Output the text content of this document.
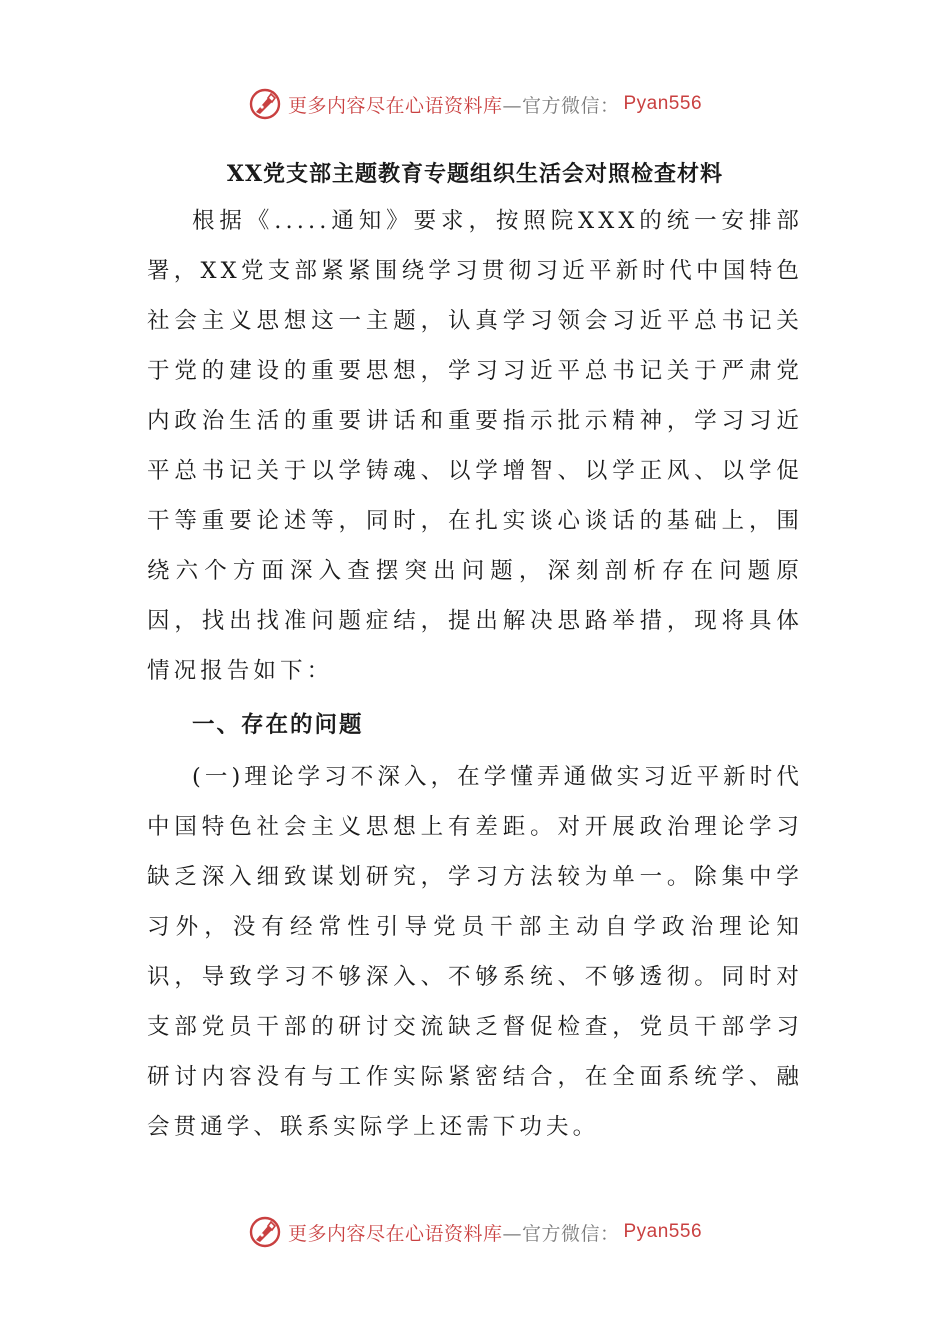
更多内容尽在心语资料库 —官方微信： Pyan556
XX党支部主题教育专题组织生活会对照检查材料

根据《.....通知》要求，按照院XXX的统一安排部署，XX党支部紧紧围绕学习贯彻习近平新时代中国特色社会主义思想这一主题，认真学习领会习近平总书记关于党的建设的重要思想，学习习近平总书记关于严肃党内政治生活的重要讲话和重要指示批示精神，学习习近平总书记关于以学铸魂、以学增智、以学正风、以学促干等重要论述等，同时，在扎实谈心谈话的基础上，围绕六个方面深入查摆突出问题，深刻剖析存在问题原因，找出找准问题症结，提出解决思路举措，现将具体情况报告如下：

一、存在的问题

(一)理论学习不深入，在学懂弄通做实习近平新时代中国特色社会主义思想上有差距。对开展政治理论学习缺乏深入细致谋划研究，学习方法较为单一。除集中学习外，没有经常性引导党员干部主动自学政治理论知识，导致学习不够深入、不够系统、不够透彻。同时对支部党员干部的研讨交流缺乏督促检查，党员干部学习研讨内容没有与工作实际紧密结合，在全面系统学、融会贯通学、联系实际学上还需下功夫。

更多内容尽在心语资料库 —官方微信： Pyan556
